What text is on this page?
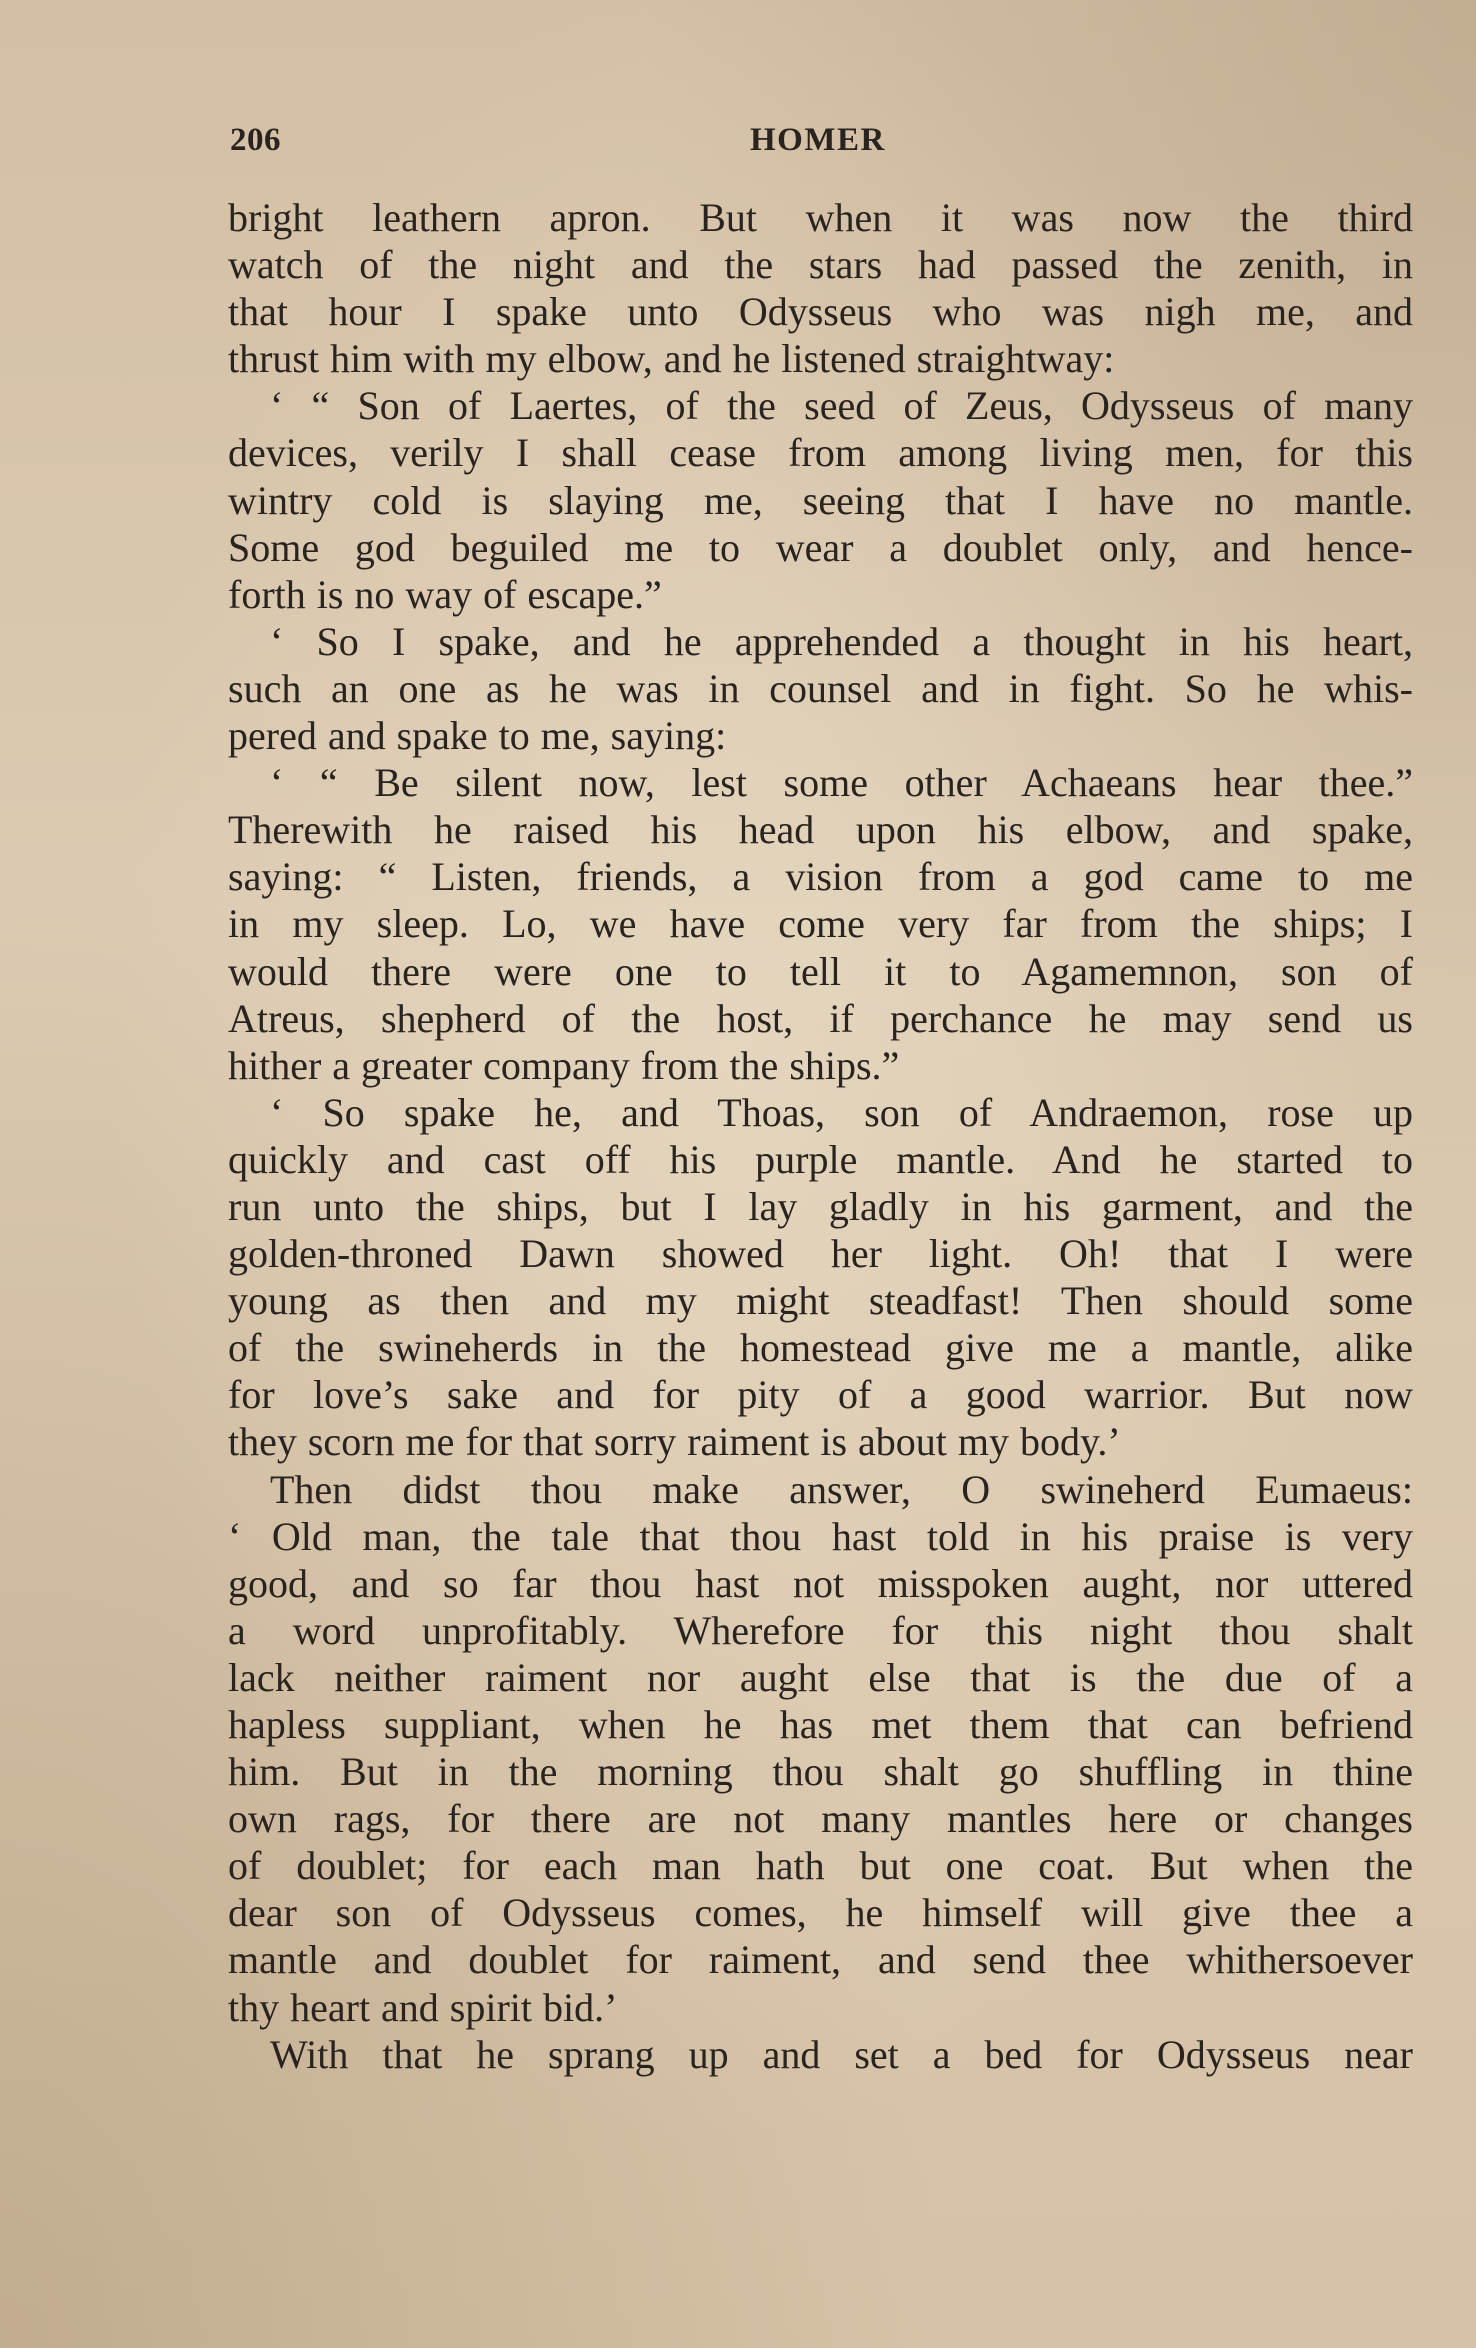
206	HOMER
bright leathern apron. But when it was now the third
watch of the night and the stars had passed the zenith, in
that hour I spake unto Odysseus who was nigh me, and
thrust him with my elbow, and he listened straightway:
‘ “ Son of Laertes, of the seed of Zeus, Odysseus of many
devices, verily I shall cease from among living men, for this
wintry cold is slaying me, seeing that I have no mantle.
Some god beguiled me to wear a doublet only, and hence-
forth is no way of escape.”
‘ So I spake, and he apprehended a thought in his heart,
such an one as he was in counsel and in fight. So he whis-
pered and spake to me, saying:
‘ “ Be silent now, lest some other Achaeans hear thee.”
Therewith he raised his head upon his elbow, and spake,
saying: “ Listen, friends, a vision from a god came to me
in my sleep. Lo, we have come very far from the ships; I
would there were one to tell it to Agamemnon, son of
Atreus, shepherd of the host, if perchance he may send us
hither a greater company from the ships.”
‘ So spake he, and Thoas, son of Andraemon, rose up
quickly and cast off his purple mantle. And he started to
run unto the ships, but I lay gladly in his garment, and the
golden-throned Dawn showed her light. Oh! that I were
young as then and my might steadfast! Then should some
of the swineherds in the homestead give me a mantle, alike
for love’s sake and for pity of a good warrior. But now
they scorn me for that sorry raiment is about my body.’
Then didst thou make answer, O swineherd Eumaeus:
‘ Old man, the tale that thou hast told in his praise is very
good, and so far thou hast not misspoken aught, nor uttered
a word unprofitably. Wherefore for this night thou shalt
lack neither raiment nor aught else that is the due of a
hapless suppliant, when he has met them that can befriend
him. But in the morning thou shalt go shuffling in thine
own rags, for there are not many mantles here or changes
of doublet; for each man hath but one coat. But when the
dear son of Odysseus comes, he himself will give thee a
mantle and doublet for raiment, and send thee whithersoever
thy heart and spirit bid.’
With that he sprang up and set a bed for Odysseus near
